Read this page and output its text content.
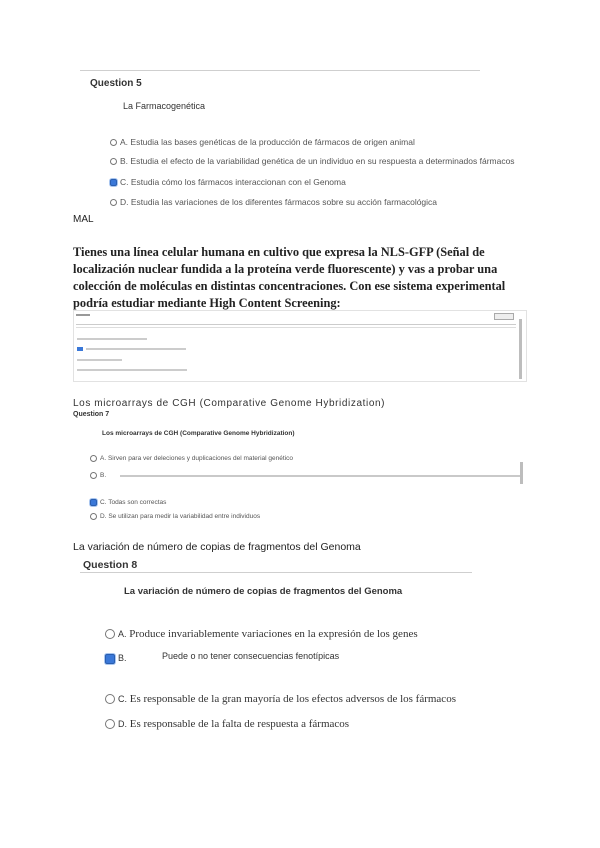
Question 5
La Farmacogenética
A. Estudia las bases genéticas de la producción de fármacos de origen animal
B. Estudia el efecto de la variabilidad genética de un individuo en su respuesta a determinados fármacos
C. Estudia cómo los fármacos interaccionan con el Genoma
D. Estudia las variaciones de los diferentes fármacos sobre su acción farmacológica
MAL
Tienes una línea celular humana en cultivo que expresa la NLS-GFP (Señal de localización nuclear fundida a la proteína verde fluorescente) y vas a probar una colección de moléculas en distintas concentraciones. Con ese sistema experimental podría estudiar mediante High Content Screening:
Los microarrays de CGH (Comparative Genome Hybridization)
Question 7
Los microarrays de CGH (Comparative Genome Hybridization)
A. Sirven para ver deleciones y duplicaciones del material genético
B.
C. Todas son correctas
D. Se utilizan para medir la variabilidad entre individuos
La variación de número de copias de fragmentos del Genoma
Question 8
La variación de número de copias de fragmentos del Genoma
A. Produce invariablemente variaciones en la expresión de los genes
B.	Puede o no tener consecuencias fenotípicas
C. Es responsable de la gran mayoría de los efectos adversos de los fármacos
D. Es responsable de la falta de respuesta a fármacos
